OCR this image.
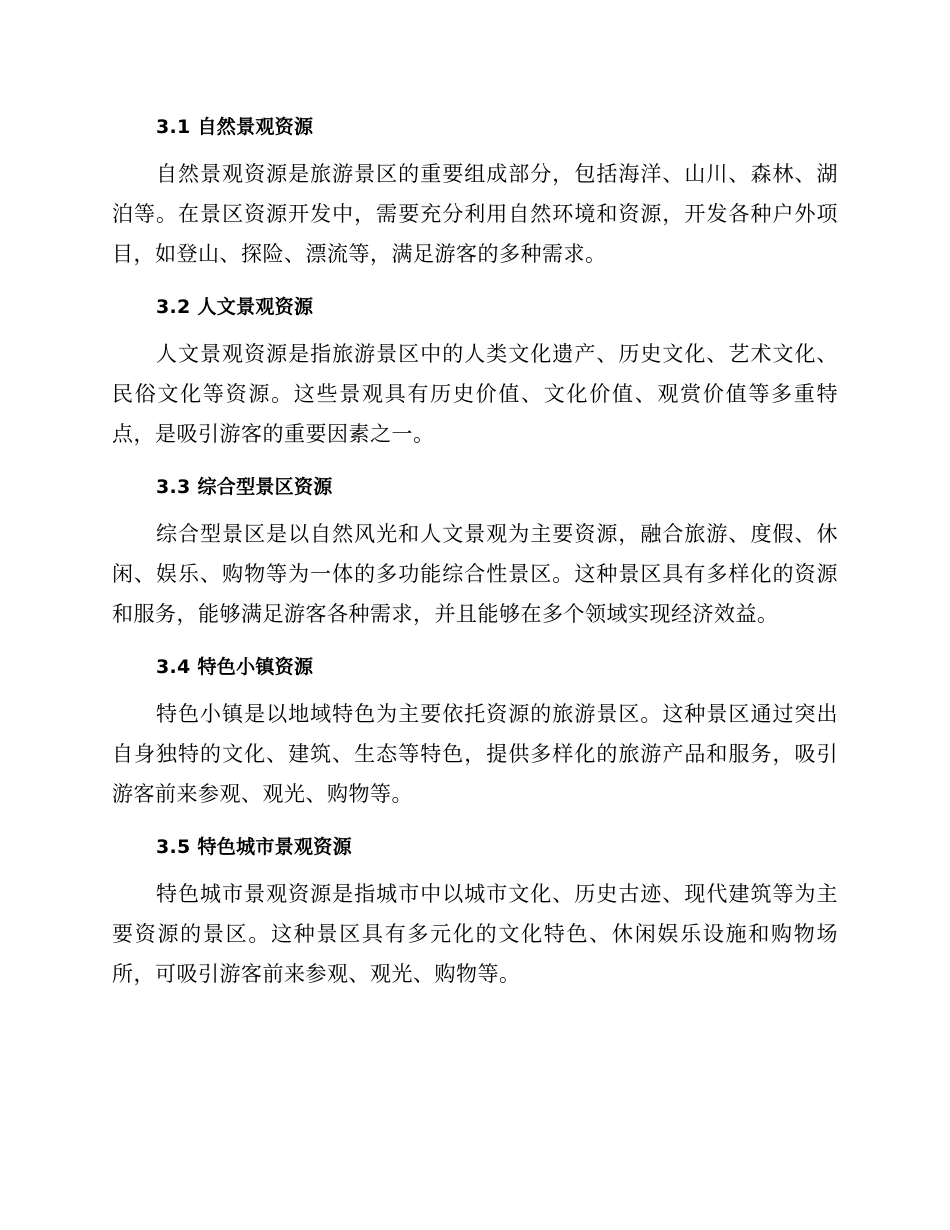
3.1 自然景观资源

自然景观资源是旅游景区的重要组成部分，包括海洋、山川、森林、湖泊等。在景区资源开发中，需要充分利用自然环境和资源，开发各种户外项目，如登山、探险、漂流等，满足游客的多种需求。

3.2 人文景观资源

人文景观资源是指旅游景区中的人类文化遗产、历史文化、艺术文化、民俗文化等资源。这些景观具有历史价值、文化价值、观赏价值等多重特点，是吸引游客的重要因素之一。

3.3 综合型景区资源

综合型景区是以自然风光和人文景观为主要资源，融合旅游、度假、休闲、娱乐、购物等为一体的多功能综合性景区。这种景区具有多样化的资源和服务，能够满足游客各种需求，并且能够在多个领域实现经济效益。

3.4 特色小镇资源

特色小镇是以地域特色为主要依托资源的旅游景区。这种景区通过突出自身独特的文化、建筑、生态等特色，提供多样化的旅游产品和服务，吸引游客前来参观、观光、购物等。

3.5 特色城市景观资源

特色城市景观资源是指城市中以城市文化、历史古迹、现代建筑等为主要资源的景区。这种景区具有多元化的文化特色、休闲娱乐设施和购物场所，可吸引游客前来参观、观光、购物等。
